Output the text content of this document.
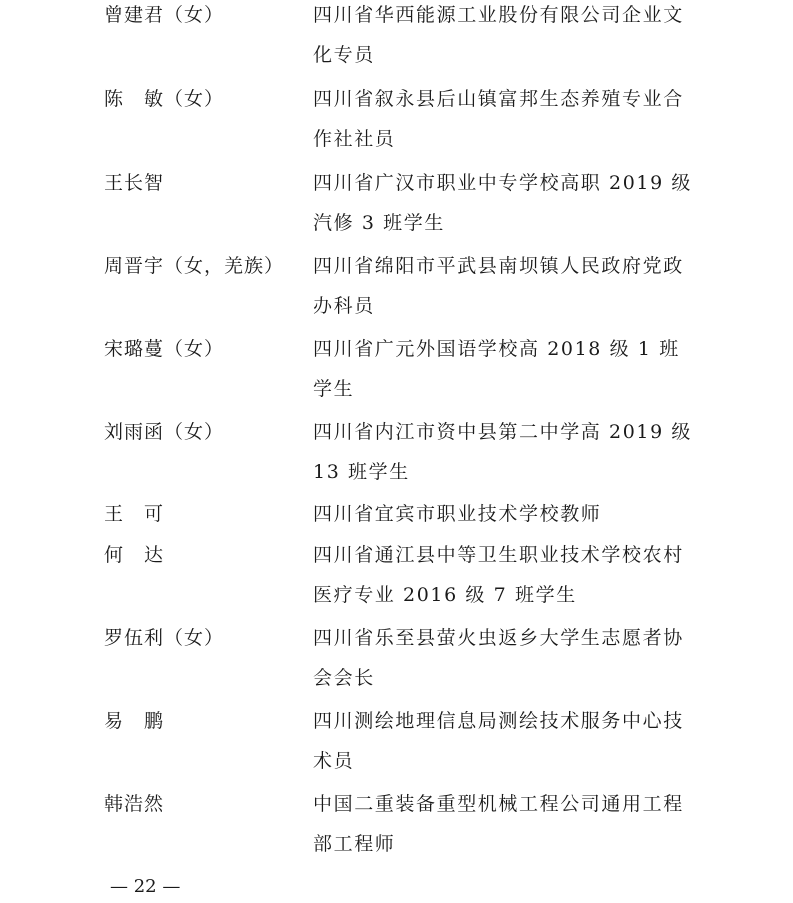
曾建君（女）	四川省华西能源工业股份有限公司企业文
化专员
陈　敏（女）	四川省叙永县后山镇富邦生态养殖专业合
作社社员
王长智	四川省广汉市职业中专学校高职 2019 级
汽修 3 班学生
周晋宇（女，羌族） 四川省绵阳市平武县南坝镇人民政府党政
办科员
宋璐蔓（女）	四川省广元外国语学校高 2018 级 1 班
学生
刘雨函（女）	四川省内江市资中县第二中学高 2019 级
13 班学生
王　可	四川省宜宾市职业技术学校教师
何　达	四川省通江县中等卫生职业技术学校农村
医疗专业 2016 级 7 班学生
罗伍利（女）	四川省乐至县萤火虫返乡大学生志愿者协
会会长
易　鹏	四川测绘地理信息局测绘技术服务中心技
术员
韩浩然	中国二重装备重型机械工程公司通用工程
部工程师
— 22 —
